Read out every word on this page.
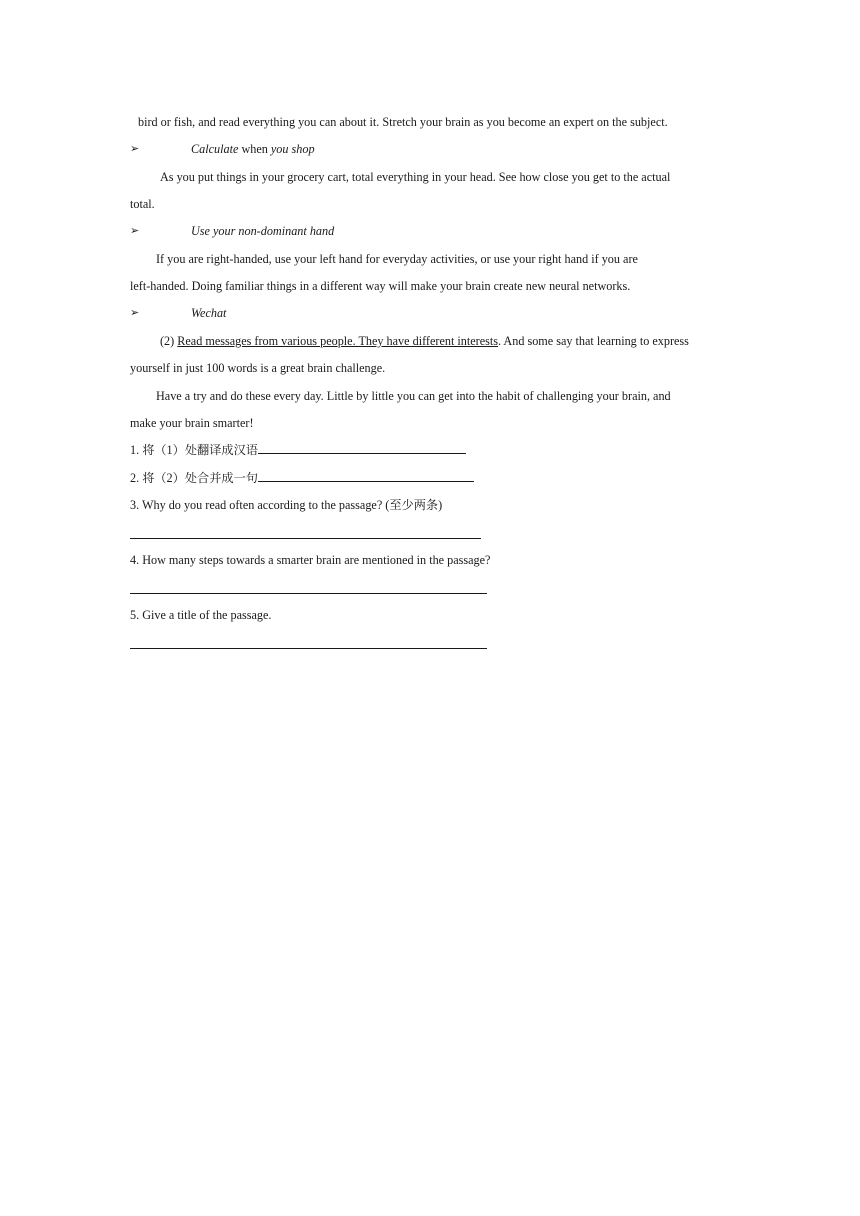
bird or fish, and read everything you can about it. Stretch your brain as you become an expert on the subject.
➢	Calculate when you shop
As you put things in your grocery cart, total everything in your head. See how close you get to the actual
total.
➢	Use your non-dominant hand
If you are right-handed, use your left hand for everyday activities, or use your right hand if you are
left-handed. Doing familiar things in a different way will make your brain create new neural networks.
➢	Wechat
(2) Read messages from various people. They have different interests. And some say that learning to express
yourself in just 100 words is a great brain challenge.
Have a try and do these every day. Little by little you can get into the habit of challenging your brain, and
make your brain smarter!
1. 将（1）处翻译成汉语
2. 将（2）处合并成一句
3. Why do you read often according to the passage? (至少两条)
4. How many steps towards a smarter brain are mentioned in the passage?
5. Give a title of the passage.
